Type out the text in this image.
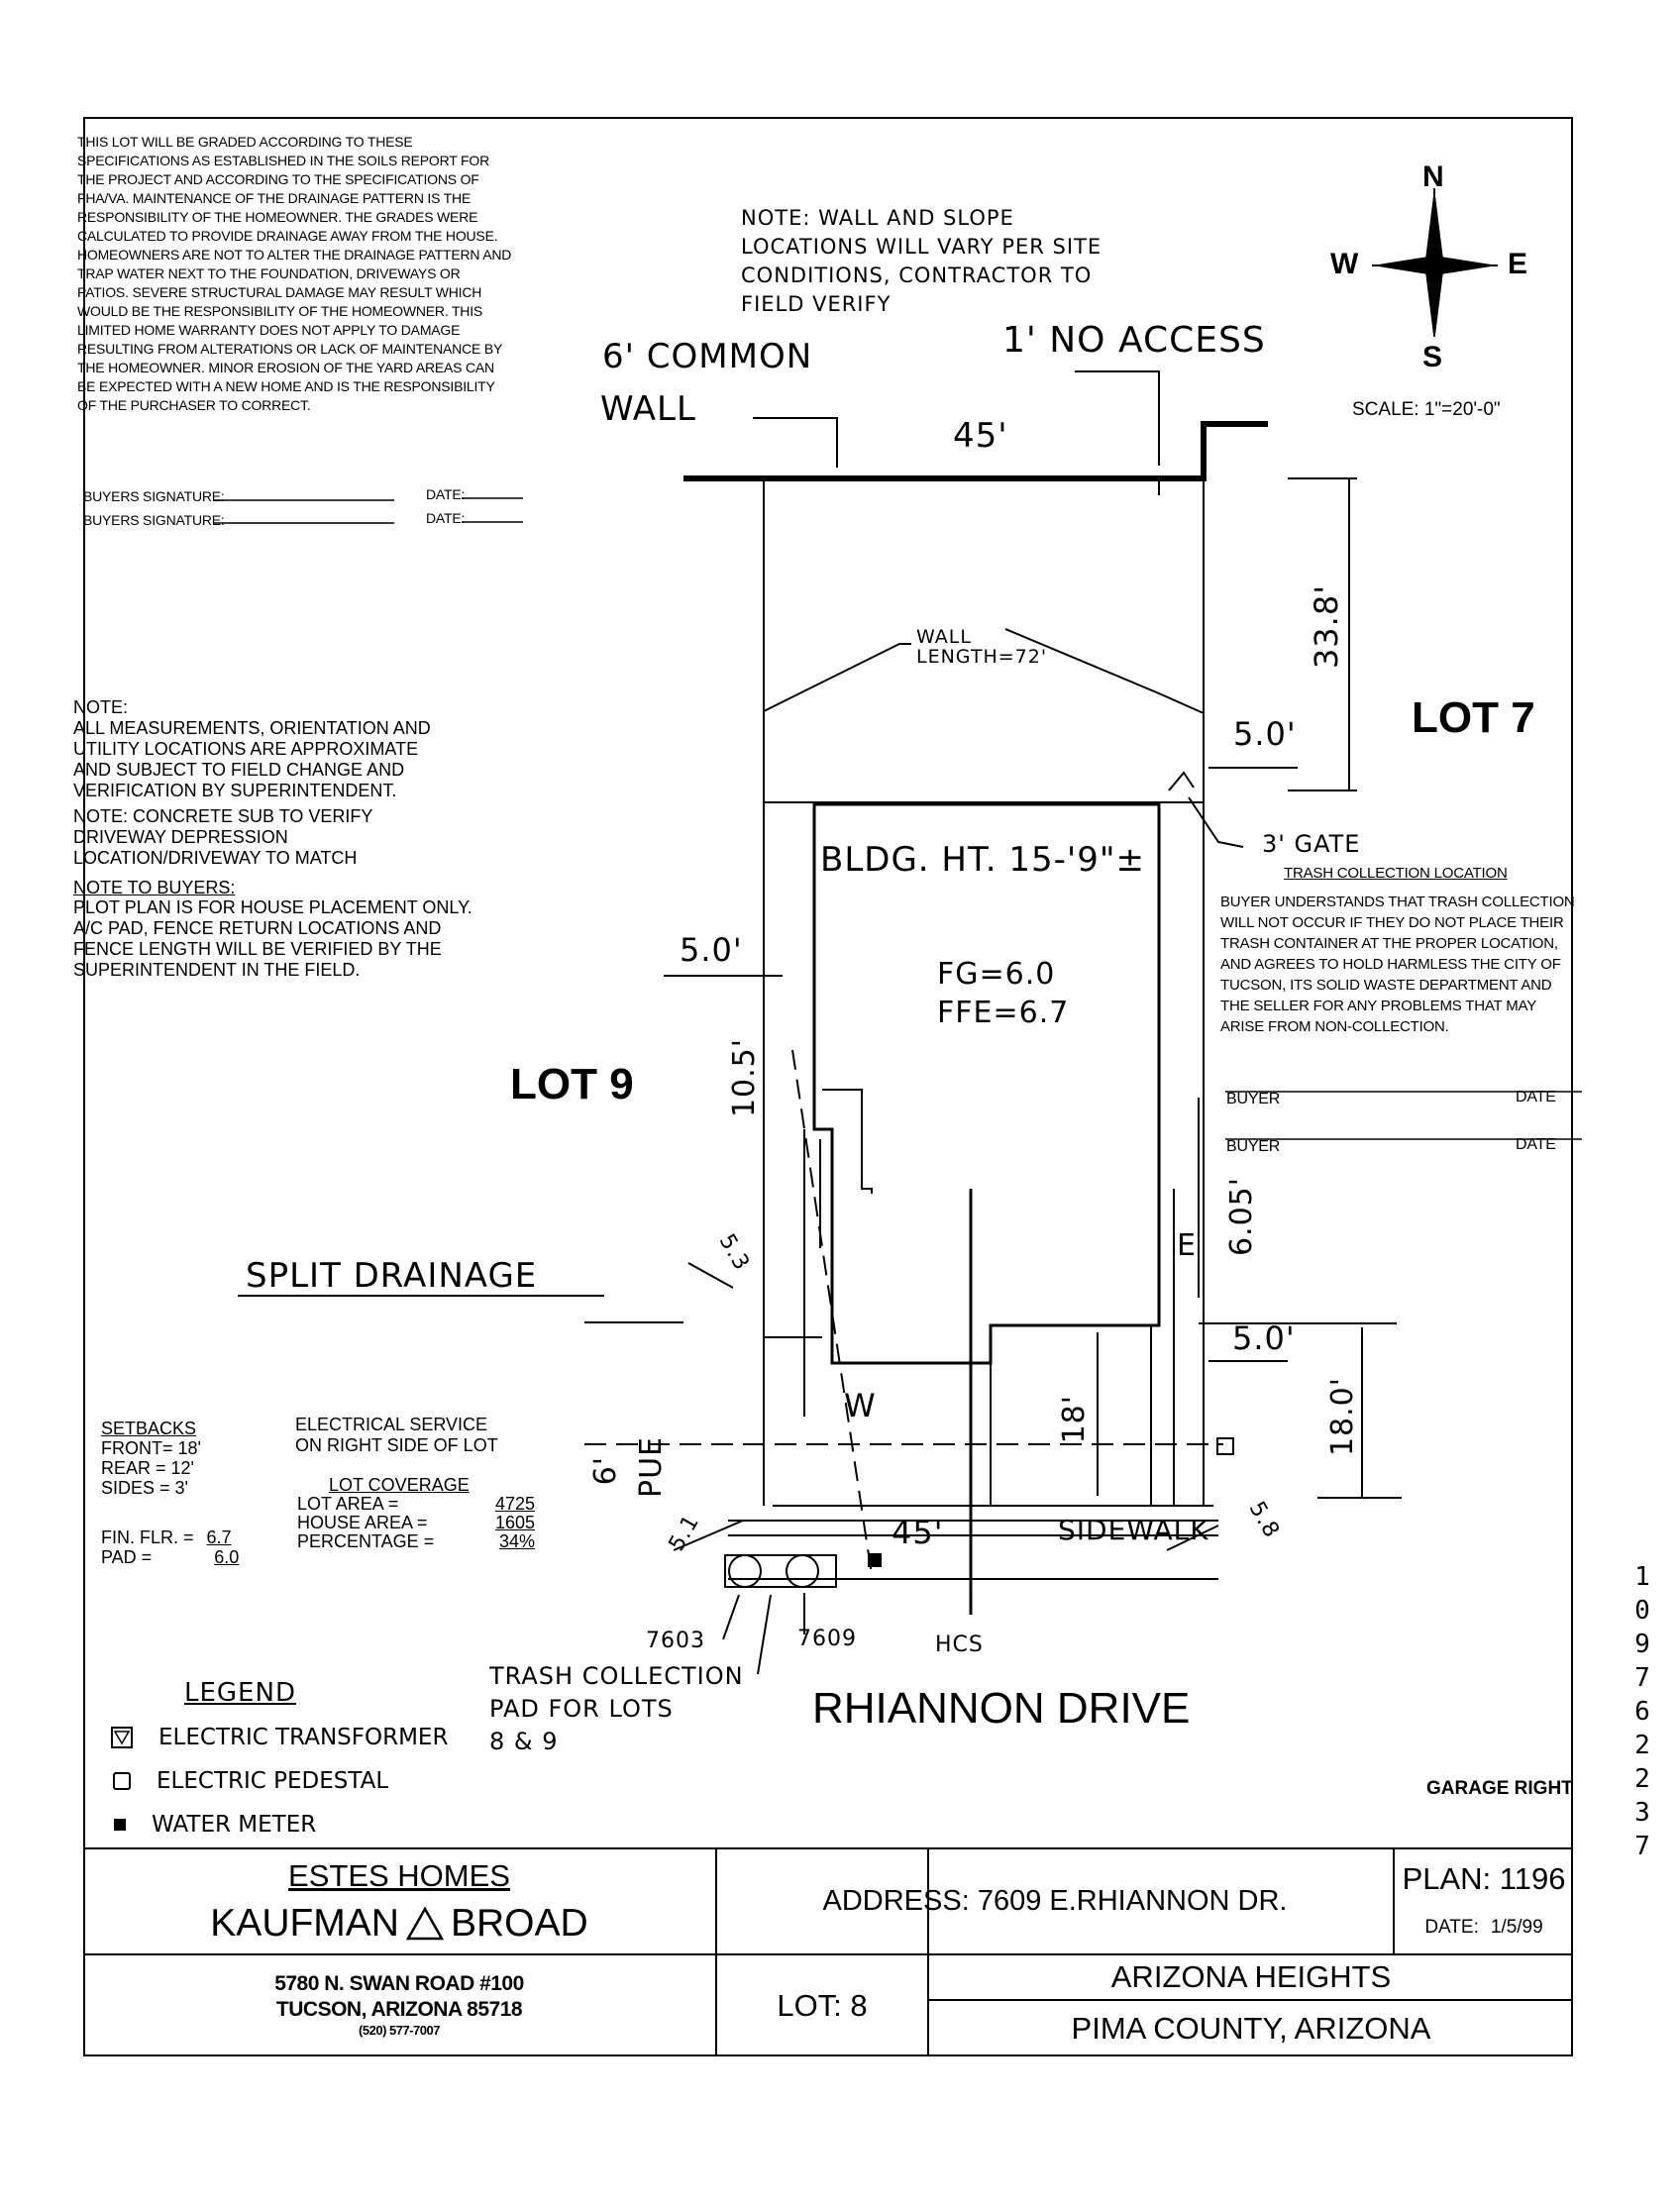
THIS LOT WILL BE GRADED ACCORDING TO THESE SPECIFICATIONS AS ESTABLISHED IN THE SOILS REPORT FOR THE PROJECT AND ACCORDING TO THE SPECIFICATIONS OF FHA/VA. MAINTENANCE OF THE DRAINAGE PATTERN IS THE RESPONSIBILITY OF THE HOMEOWNER. THE GRADES WERE CALCULATED TO PROVIDE DRAINAGE AWAY FROM THE HOUSE. HOMEOWNERS ARE NOT TO ALTER THE DRAINAGE PATTERN AND TRAP WATER NEXT TO THE FOUNDATION, DRIVEWAYS OR PATIOS. SEVERE STRUCTURAL DAMAGE MAY RESULT WHICH WOULD BE THE RESPONSIBILITY OF THE HOMEOWNER. THIS LIMITED HOME WARRANTY DOES NOT APPLY TO DAMAGE RESULTING FROM ALTERATIONS OR LACK OF MAINTENANCE BY THE HOMEOWNER. MINOR EROSION OF THE YARD AREAS CAN BE EXPECTED WITH A NEW HOME AND IS THE RESPONSIBILITY OF THE PURCHASER TO CORRECT.
BUYERS SIGNATURE:
BUYERS SIGNATURE:
DATE:
DATE:
NOTE: WALL AND SLOPE
LOCATIONS WILL VARY PER SITE
CONDITIONS, CONTRACTOR TO
FIELD VERIFY
N
S
E
W
SCALE: 1"=20'-0"
6' COMMON
WALL
1' NO ACCESS
45'
WALL
LENGTH=72'	33.8'
5.0'	LOT 7
3' GATE
BLDG. HT. 15-'9"±
FG=6.0
FFE=6.7
5.0'
LOT 9	10.5'
6.05'
5.3
SPLIT DRAINAGE
5.0'
18'	18.0'
6' PUE
5.1	45'	SIDEWALK 5.8
W
E
7603	7609	HCS
TRASH COLLECTION
PAD FOR LOTS
8 & 9
RHIANNON DRIVE
GARAGE RIGHT
NOTE:
ALL MEASUREMENTS, ORIENTATION AND
UTILITY LOCATIONS ARE APPROXIMATE
AND SUBJECT TO FIELD CHANGE AND
VERIFICATION BY SUPERINTENDENT.
NOTE: CONCRETE SUB TO VERIFY
DRIVEWAY DEPRESSION
LOCATION/DRIVEWAY TO MATCH
NOTE TO BUYERS:
PLOT PLAN IS FOR HOUSE PLACEMENT ONLY.
A/C PAD, FENCE RETURN LOCATIONS AND
FENCE LENGTH WILL BE VERIFIED BY THE
SUPERINTENDENT IN THE FIELD.
TRASH COLLECTION LOCATION
BUYER UNDERSTANDS THAT TRASH COLLECTION WILL NOT OCCUR IF THEY DO NOT PLACE THEIR TRASH CONTAINER AT THE PROPER LOCATION, AND AGREES TO HOLD HARMLESS THE CITY OF TUCSON, ITS SOLID WASTE DEPARTMENT AND THE SELLER FOR ANY PROBLEMS THAT MAY ARISE FROM NON-COLLECTION.
BUYER	DATE
BUYER	DATE
SETBACKS
FRONT= 18'
REAR = 12'
SIDES = 3'
FIN. FLR. = 6.7
PAD =	6.0
ELECTRICAL SERVICE
ON RIGHT SIDE OF LOT
LOT COVERAGE
LOT AREA =	4725
HOUSE AREA =	1605
PERCENTAGE =	34%
LEGEND
ELECTRIC TRANSFORMER
ELECTRIC PEDESTAL
WATER METER
ESTES HOMES
KAUFMAN BROAD
5780 N. SWAN ROAD #100
TUCSON, ARIZONA 85718
(520) 577-7007
ADDRESS: 7609 E.RHIANNON DR.
PLAN: 1196
DATE: 1/5/99
LOT: 8
ARIZONA HEIGHTS
PIMA COUNTY, ARIZONA
1 0 9 7 6 2 2 3 7
